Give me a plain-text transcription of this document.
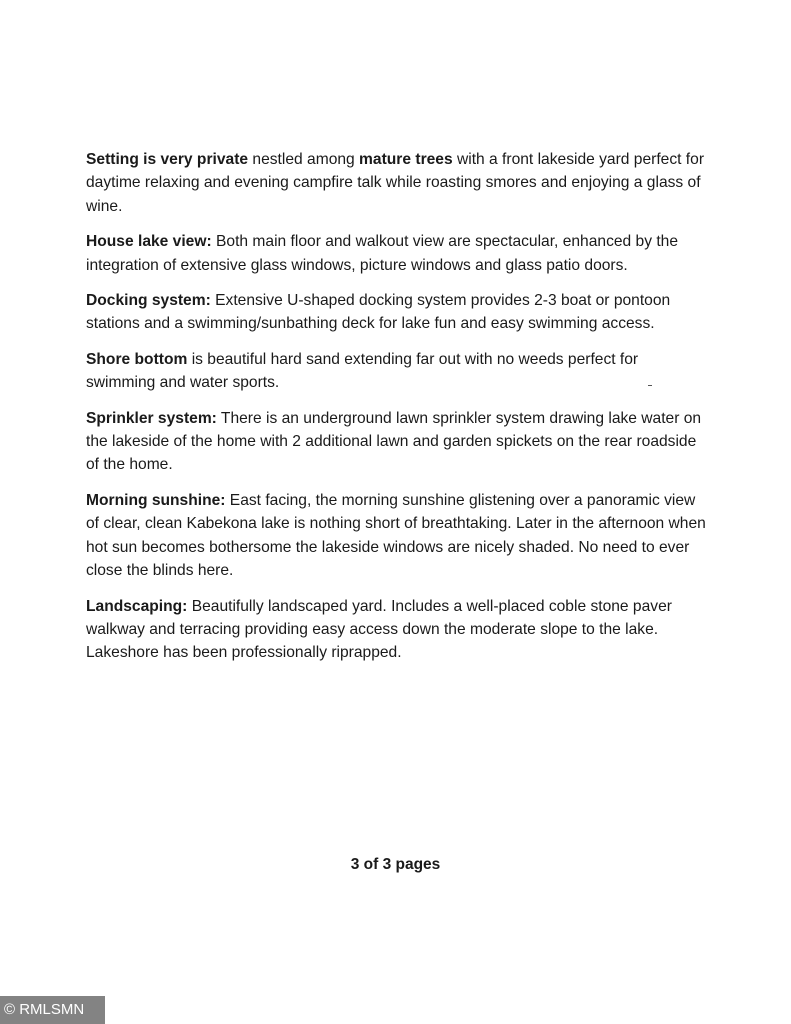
Setting is very private nestled among mature trees with a front lakeside yard perfect for daytime relaxing and evening campfire talk while roasting smores and enjoying a glass of wine.

House lake view: Both main floor and walkout view are spectacular, enhanced by the integration of extensive glass windows, picture windows and glass patio doors.

Docking system: Extensive U-shaped docking system provides 2-3 boat or pontoon stations and a swimming/sunbathing deck for lake fun and easy swimming access.

Shore bottom is beautiful hard sand extending far out with no weeds perfect for swimming and water sports.

Sprinkler system: There is an underground lawn sprinkler system drawing lake water on the lakeside of the home with 2 additional lawn and garden spickets on the rear roadside of the home.

Morning sunshine: East facing, the morning sunshine glistening over a panoramic view of clear, clean Kabekona lake is nothing short of breathtaking. Later in the afternoon when hot sun becomes bothersome the lakeside windows are nicely shaded. No need to ever close the blinds here.

Landscaping: Beautifully landscaped yard. Includes a well-placed coble stone paver walkway and terracing providing easy access down the moderate slope to the lake. Lakeshore has been professionally riprapped.

3 of 3 pages
© RMLSMN
